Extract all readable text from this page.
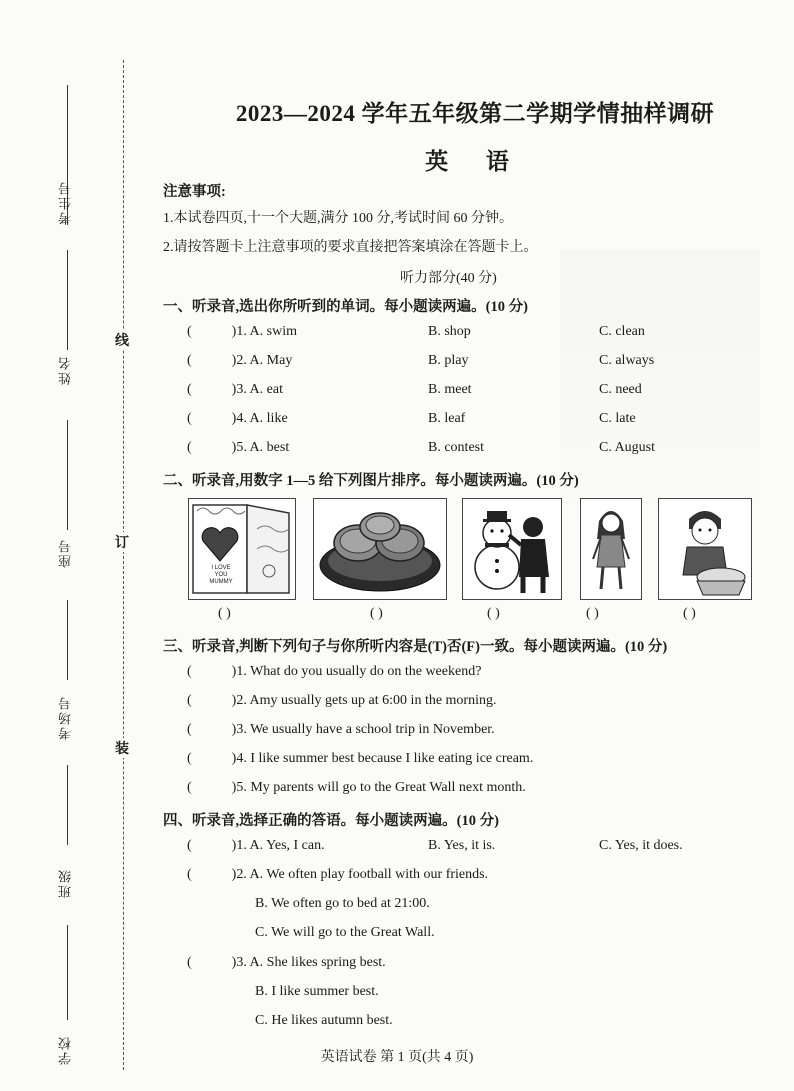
考生号
姓名
座号
考场号
班级
学校
线
订
装
2023—2024 学年五年级第二学期学情抽样调研
英 语
注意事项:
1.本试卷四页,十一个大题,满分 100 分,考试时间 60 分钟。
2.请按答题卡上注意事项的要求直接把答案填涂在答题卡上。
听力部分(40 分)
一、听录音,选出你所听到的单词。每小题读两遍。(10 分)
(	)1. A. swim	B. shop	C. clean
(	)2. A. May	B. play	C. always
(	)3. A. eat	B. meet	C. need
(	)4. A. like	B. leaf	C. late
(	)5. A. best	B. contest	C. August
二、听录音,用数字 1—5 给下列图片排序。每小题读两遍。(10 分)
I LOVE YOU MUMMY
( )	( )	( )	( )	( )
三、听录音,判断下列句子与你所听内容是(T)否(F)一致。每小题读两遍。(10 分)
(	)1. What do you usually do on the weekend?
(	)2. Amy usually gets up at 6:00 in the morning.
(	)3. We usually have a school trip in November.
(	)4. I like summer best because I like eating ice cream.
(	)5. My parents will go to the Great Wall next month.
四、听录音,选择正确的答语。每小题读两遍。(10 分)
(	)1. A. Yes, I can.	B. Yes, it is.	C. Yes, it does.
(	)2. A. We often play football with our friends.
B. We often go to bed at 21:00.
C. We will go to the Great Wall.
(	)3. A. She likes spring best.
B. I like summer best.
C. He likes autumn best.
英语试卷 第 1 页(共 4 页)
